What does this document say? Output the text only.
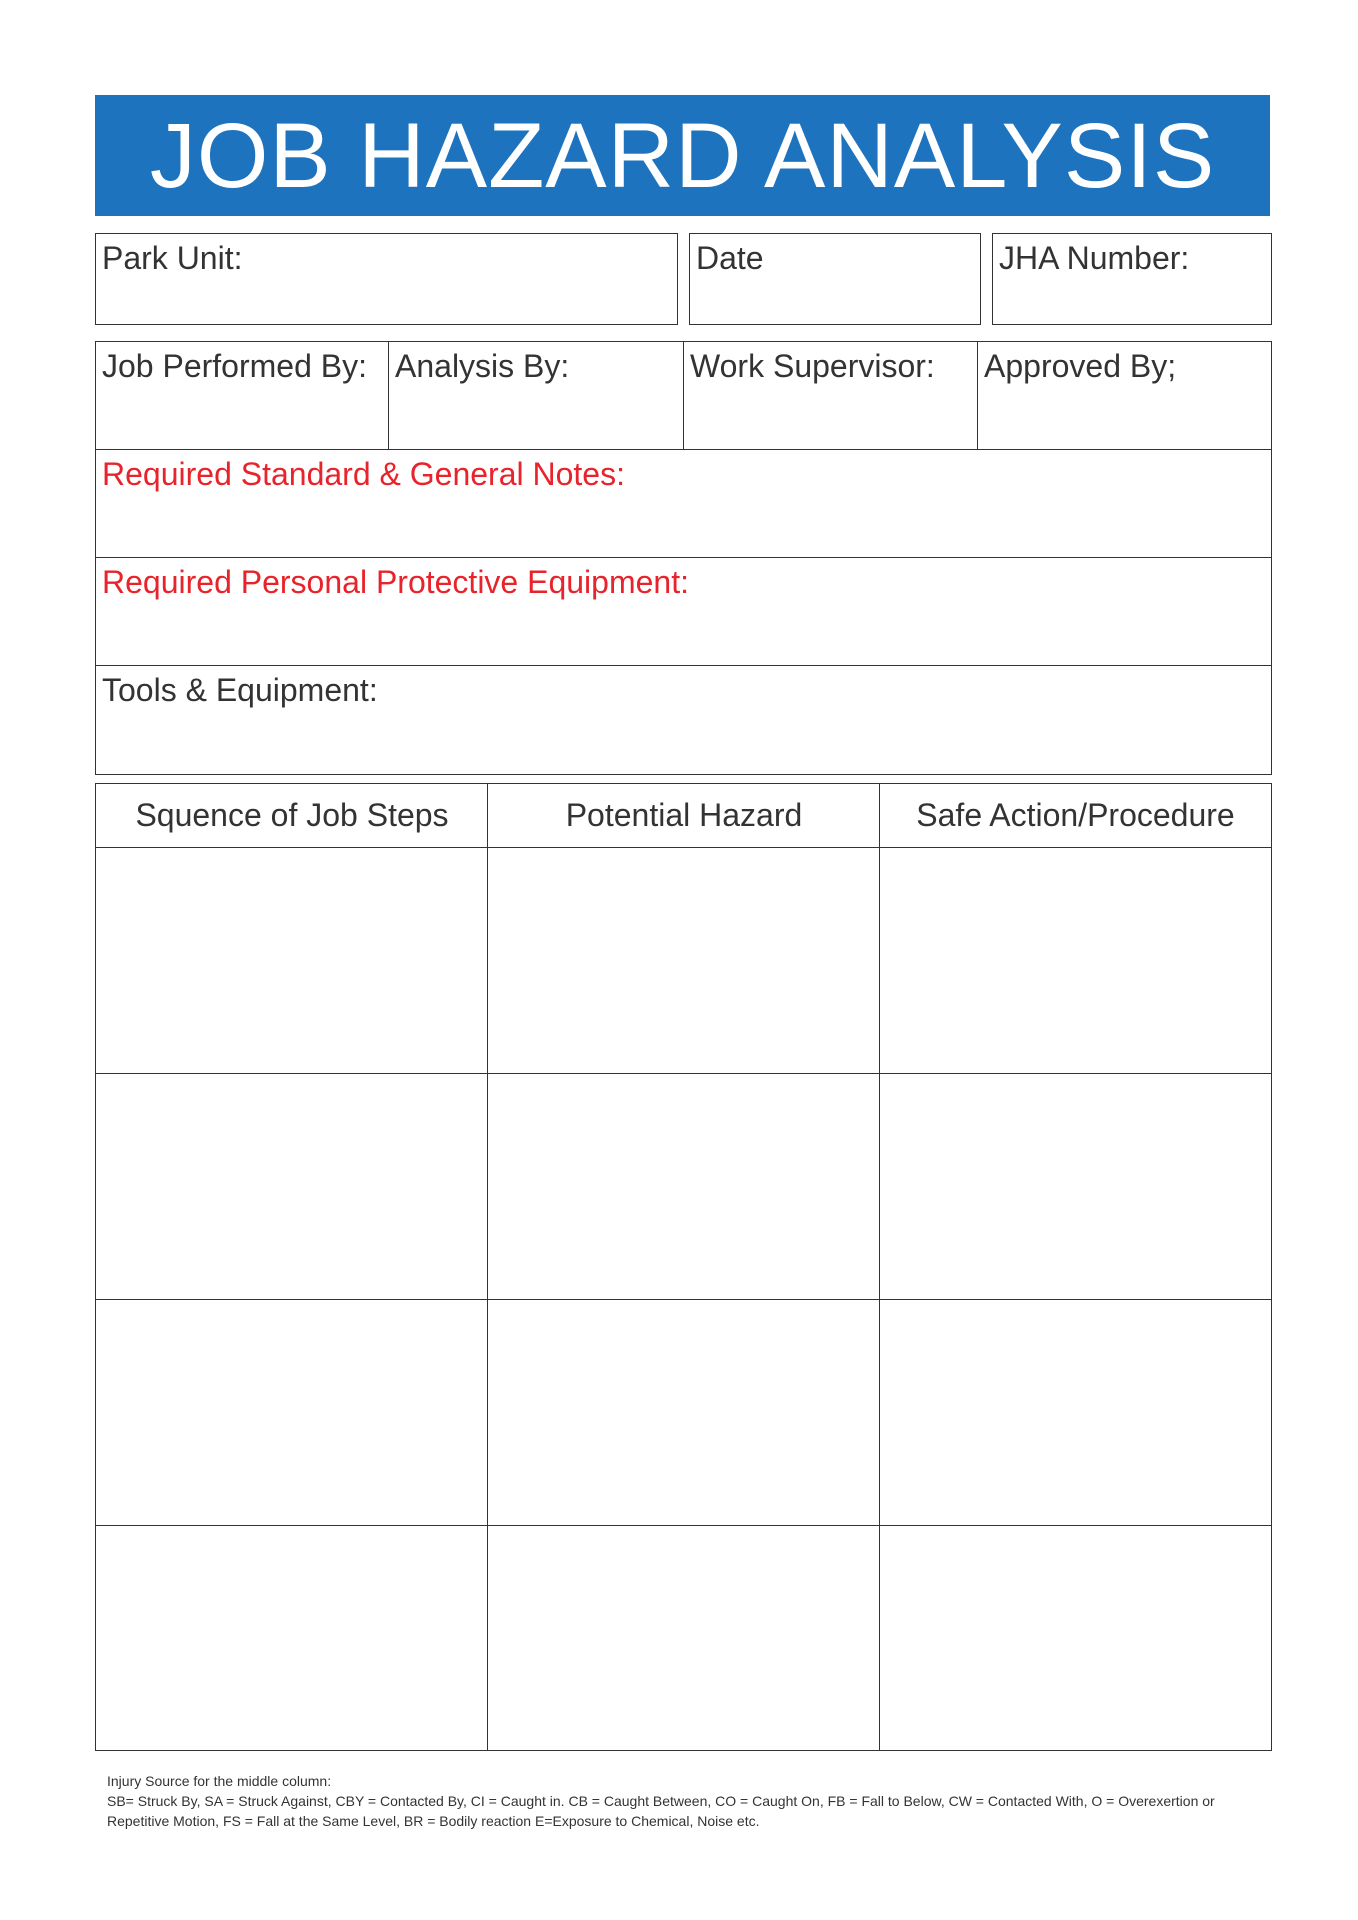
JOB HAZARD ANALYSIS
Park Unit:	Date	JHA Number:
Job Performed By: Analysis By:	Work Supervisor: Approved By;
Required Standard & General Notes:
Required Personal Protective Equipment:
Tools & Equipment:
Squence of Job Steps	Potential Hazard	Safe Action/Procedure
Injury Source for the middle column:
SB= Struck By, SA = Struck Against, CBY = Contacted By, CI = Caught in. CB = Caught Between, CO = Caught On, FB = Fall to Below, CW = Contacted With, O = Overexertion or Repetitive Motion, FS = Fall at the Same Level, BR = Bodily reaction E=Exposure to Chemical, Noise etc.
